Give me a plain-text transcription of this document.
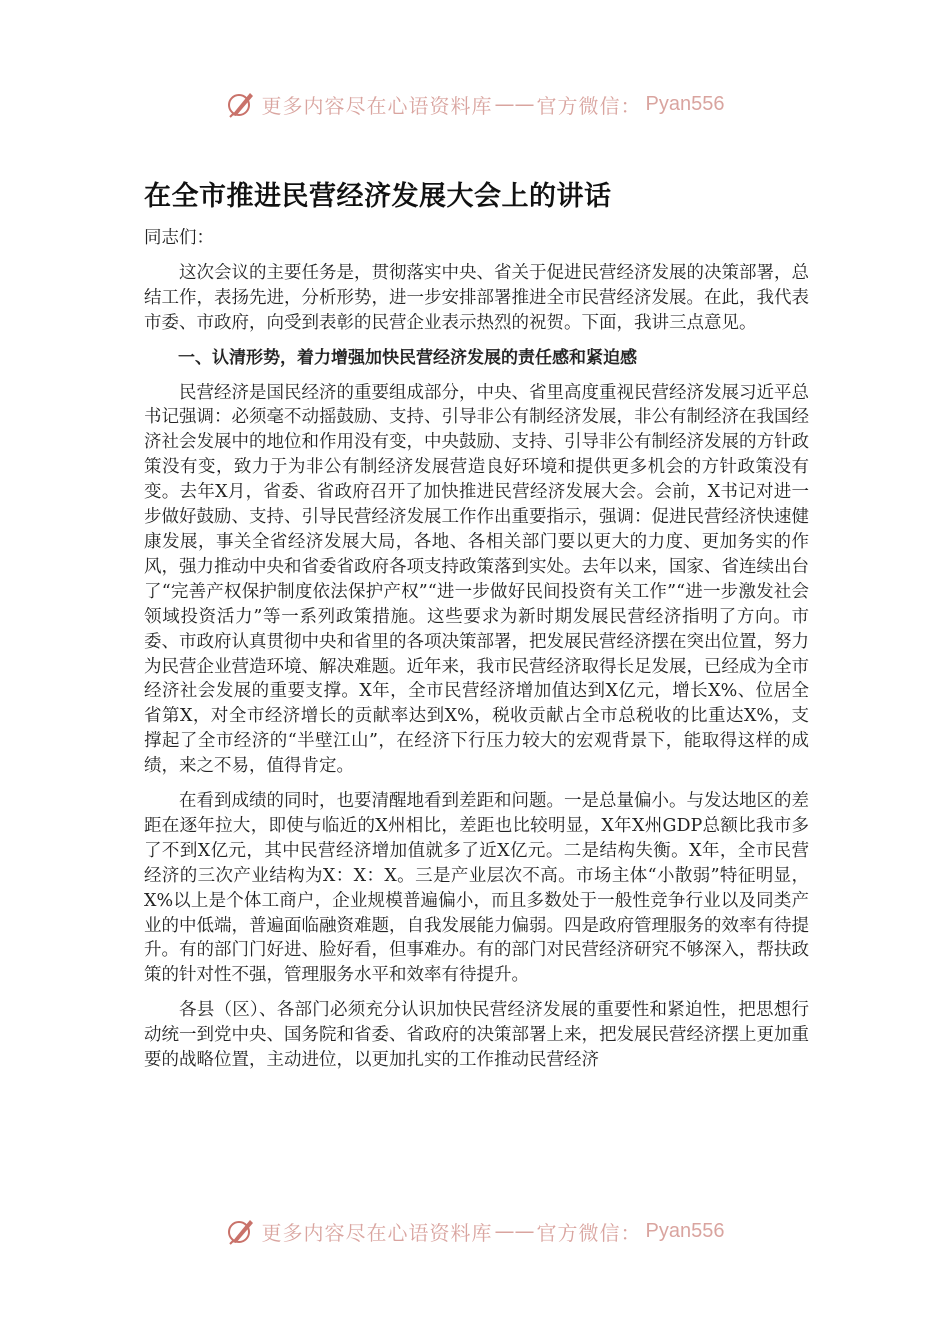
更多内容尽在心语资料库 —— 官方微信： Pyan556
在全市推进民营经济发展大会上的讲话

同志们：

这次会议的主要任务是，贯彻落实中央、省关于促进民营经济发展的决策部署，总结工作，表扬先进，分析形势，进一步安排部署推进全市民营经济发展。在此，我代表市委、市政府，向受到表彰的民营企业表示热烈的祝贺。下面，我讲三点意见。

一、认清形势，着力增强加快民营经济发展的责任感和紧迫感

民营经济是国民经济的重要组成部分，中央、省里高度重视民营经济发展习近平总书记强调：必须毫不动摇鼓励、支持、引导非公有制经济发展，非公有制经济在我国经济社会发展中的地位和作用没有变，中央鼓励、支持、引导非公有制经济发展的方针政策没有变，致力于为非公有制经济发展营造良好环境和提供更多机会的方针政策没有变。去年X月，省委、省政府召开了加快推进民营经济发展大会。会前，X书记对进一步做好鼓励、支持、引导民营经济发展工作作出重要指示，强调：促进民营经济快速健康发展，事关全省经济发展大局，各地、各相关部门要以更大的力度、更加务实的作风，强力推动中央和省委省政府各项支持政策落到实处。去年以来，国家、省连续出台了“完善产权保护制度依法保护产权”“进一步做好民间投资有关工作”“进一步激发社会领域投资活力”等一系列政策措施。这些要求为新时期发展民营经济指明了方向。市委、市政府认真贯彻中央和省里的各项决策部署，把发展民营经济摆在突出位置，努力为民营企业营造环境、解决难题。近年来，我市民营经济取得长足发展，已经成为全市经济社会发展的重要支撑。X年，全市民营经济增加值达到X亿元，增长X%、位居全省第X，对全市经济增长的贡献率达到X%，税收贡献占全市总税收的比重达X%，支撑起了全市经济的“半壁江山”，在经济下行压力较大的宏观背景下，能取得这样的成绩，来之不易，值得肯定。

在看到成绩的同时，也要清醒地看到差距和问题。一是总量偏小。与发达地区的差距在逐年拉大，即使与临近的X州相比，差距也比较明显，X年X州GDP总额比我市多了不到X亿元，其中民营经济增加值就多了近X亿元。二是结构失衡。X年，全市民营经济的三次产业结构为X：X：X。三是产业层次不高。市场主体“小散弱”特征明显，X%以上是个体工商户，企业规模普遍偏小，而且多数处于一般性竞争行业以及同类产业的中低端，普遍面临融资难题，自我发展能力偏弱。四是政府管理服务的效率有待提升。有的部门门好进、脸好看，但事难办。有的部门对民营经济研究不够深入，帮扶政策的针对性不强，管理服务水平和效率有待提升。

各县（区）、各部门必须充分认识加快民营经济发展的重要性和紧迫性，把思想行动统一到党中央、国务院和省委、省政府的决策部署上来，把发展民营经济摆上更加重要的战略位置，主动进位，以更加扎实的工作推动民营经济

更多内容尽在心语资料库 —— 官方微信： Pyan556
